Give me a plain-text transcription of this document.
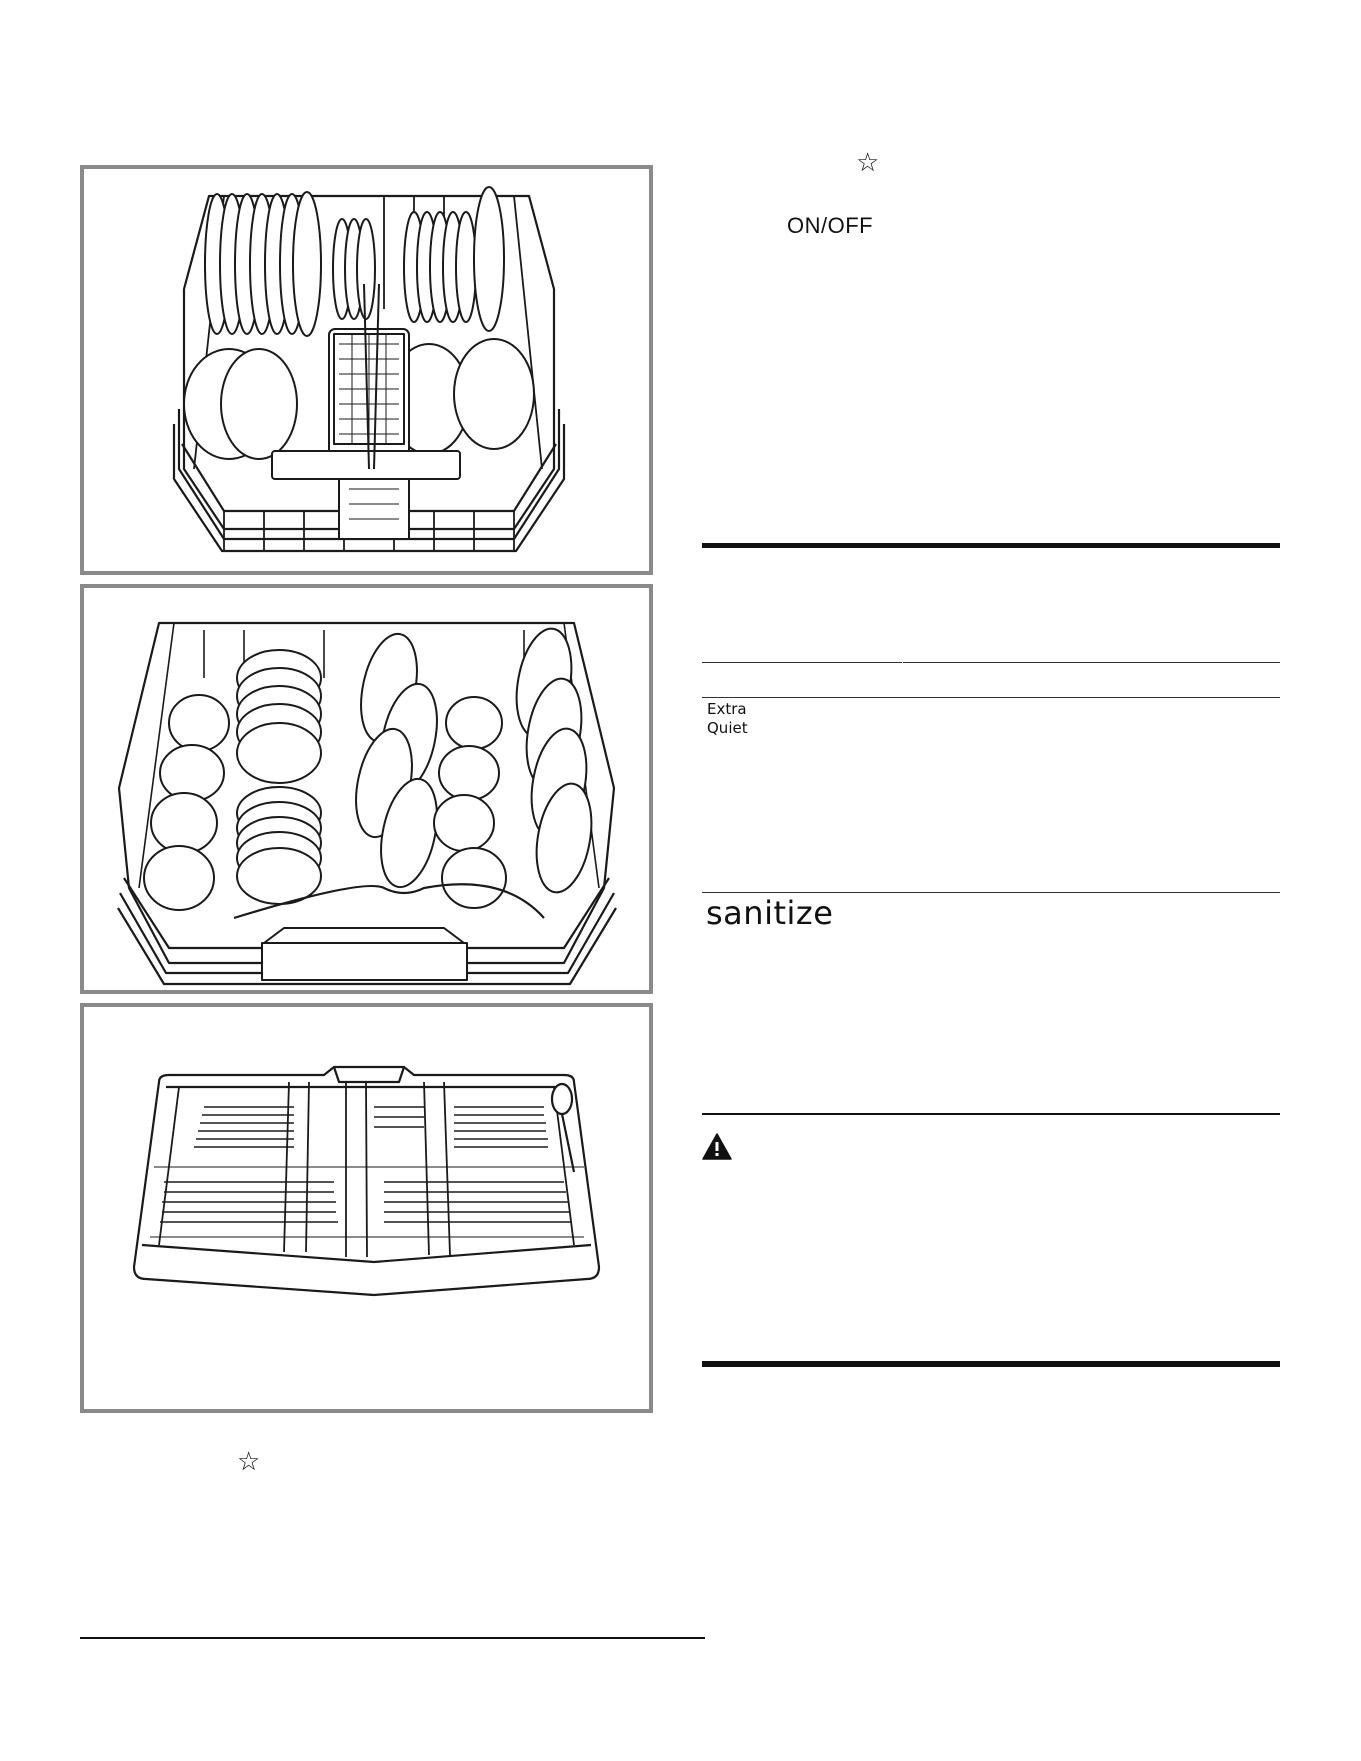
☆
☆
ON/OFF
Extra
Quiet
sanitize
